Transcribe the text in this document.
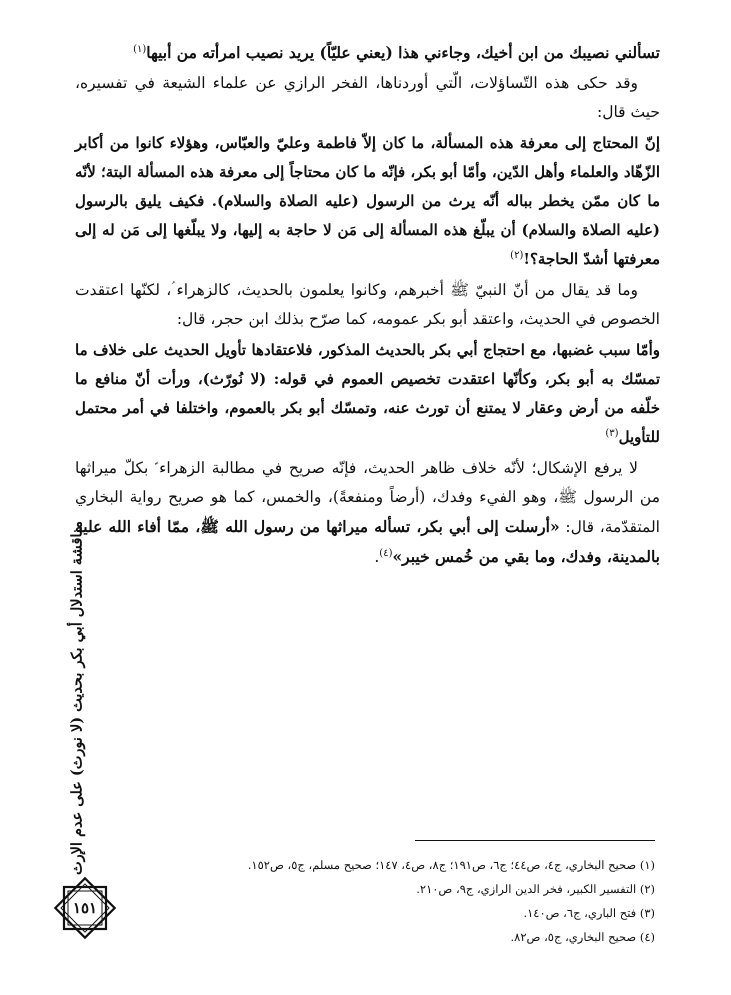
تسألني نصيبك من ابن أخيك، وجاءني هذا (يعني عليّاً) يريد نصيب امرأته من أبيها$^{(١)}$

وقد حكى هذه التّساؤلات، الّتي أوردناها، الفخر الرازي عن علماء الشيعة في تفسيره، حيث قال:

إنّ المحتاج إلى معرفة هذه المسألة، ما كان إلاّ فاطمة وعليّ والعبّاس، وهؤلاء كانوا من أكابر الزّهّاد والعلماء وأهل الدّين، وأمّا أبو بكر، فإنّه ما كان محتاجاً إلى معرفة هذه المسألة البتة؛ لأنّه ما كان ممّن يخطر بباله أنّه يرث من الرسول (عليه الصلاة والسلام). فكيف يليق بالرسول (عليه الصلاة والسلام) أن يبلّغ هذه المسألة إلى مَن لا حاجة به إليها، ولا يبلّغها إلى مَن له إلى معرفتها أشدّ الحاجة؟!$^{(٢)}$

وما قد يقال من أنّ النبيّ ﷺ أخبرهم، وكانوا يعلمون بالحديث، كالزهراء ؑ، لكنّها اعتقدت الخصوص في الحديث، واعتقد أبو بكر عمومه، كما صرّح بذلك ابن حجر، قال:

وأمّا سبب غضبها، مع احتجاج أبي بكر بالحديث المذكور، فلاعتقادها تأويل الحديث على خلاف ما تمسّك به أبو بكر، وكأنّها اعتقدت تخصيص العموم في قوله: (لا نُورّث)، ورأت أنّ منافع ما خلّفه من أرض وعقار لا يمتنع أن تورث عنه، وتمسّك أبو بكر بالعموم، واختلفا في أمر محتمل للتأويل$^{(٣)}$

لا يرفع الإشكال؛ لأنّه خلاف ظاهر الحديث، فإنّه صريح في مطالبة الزهراء ؑ بكلّ ميراثها من الرسول ﷺ، وهو الفيء وفدك، (أرضاً ومنفعةً)، والخمس، كما هو صريح رواية البخاري المتقدّمة، قال: «أرسلت إلى أبي بكر، تسأله ميراثها من رسول الله ﷺ، ممّا أفاء الله عليه بالمدينة، وفدك، وما بقي من خُمس خيبر»$^{(٤)}$.

(١) صحيح البخاري، ج٤، ص٤٤؛ ج٦، ص١٩١؛ ج٨، ص٤، ١٤٧؛ صحيح مسلم، ج٥، ص١٥٢.

(٢) التفسير الكبير، فخر الدين الرازي، ج٩، ص٢١٠.

(٣) فتح الباري، ج٦، ص١٤٠.

(٤) صحيح البخاري، ج٥، ص٨٢.

مناقشة استدلال أبي بكر بحديث (لا نورث) على عدم الإرث
١٥١
